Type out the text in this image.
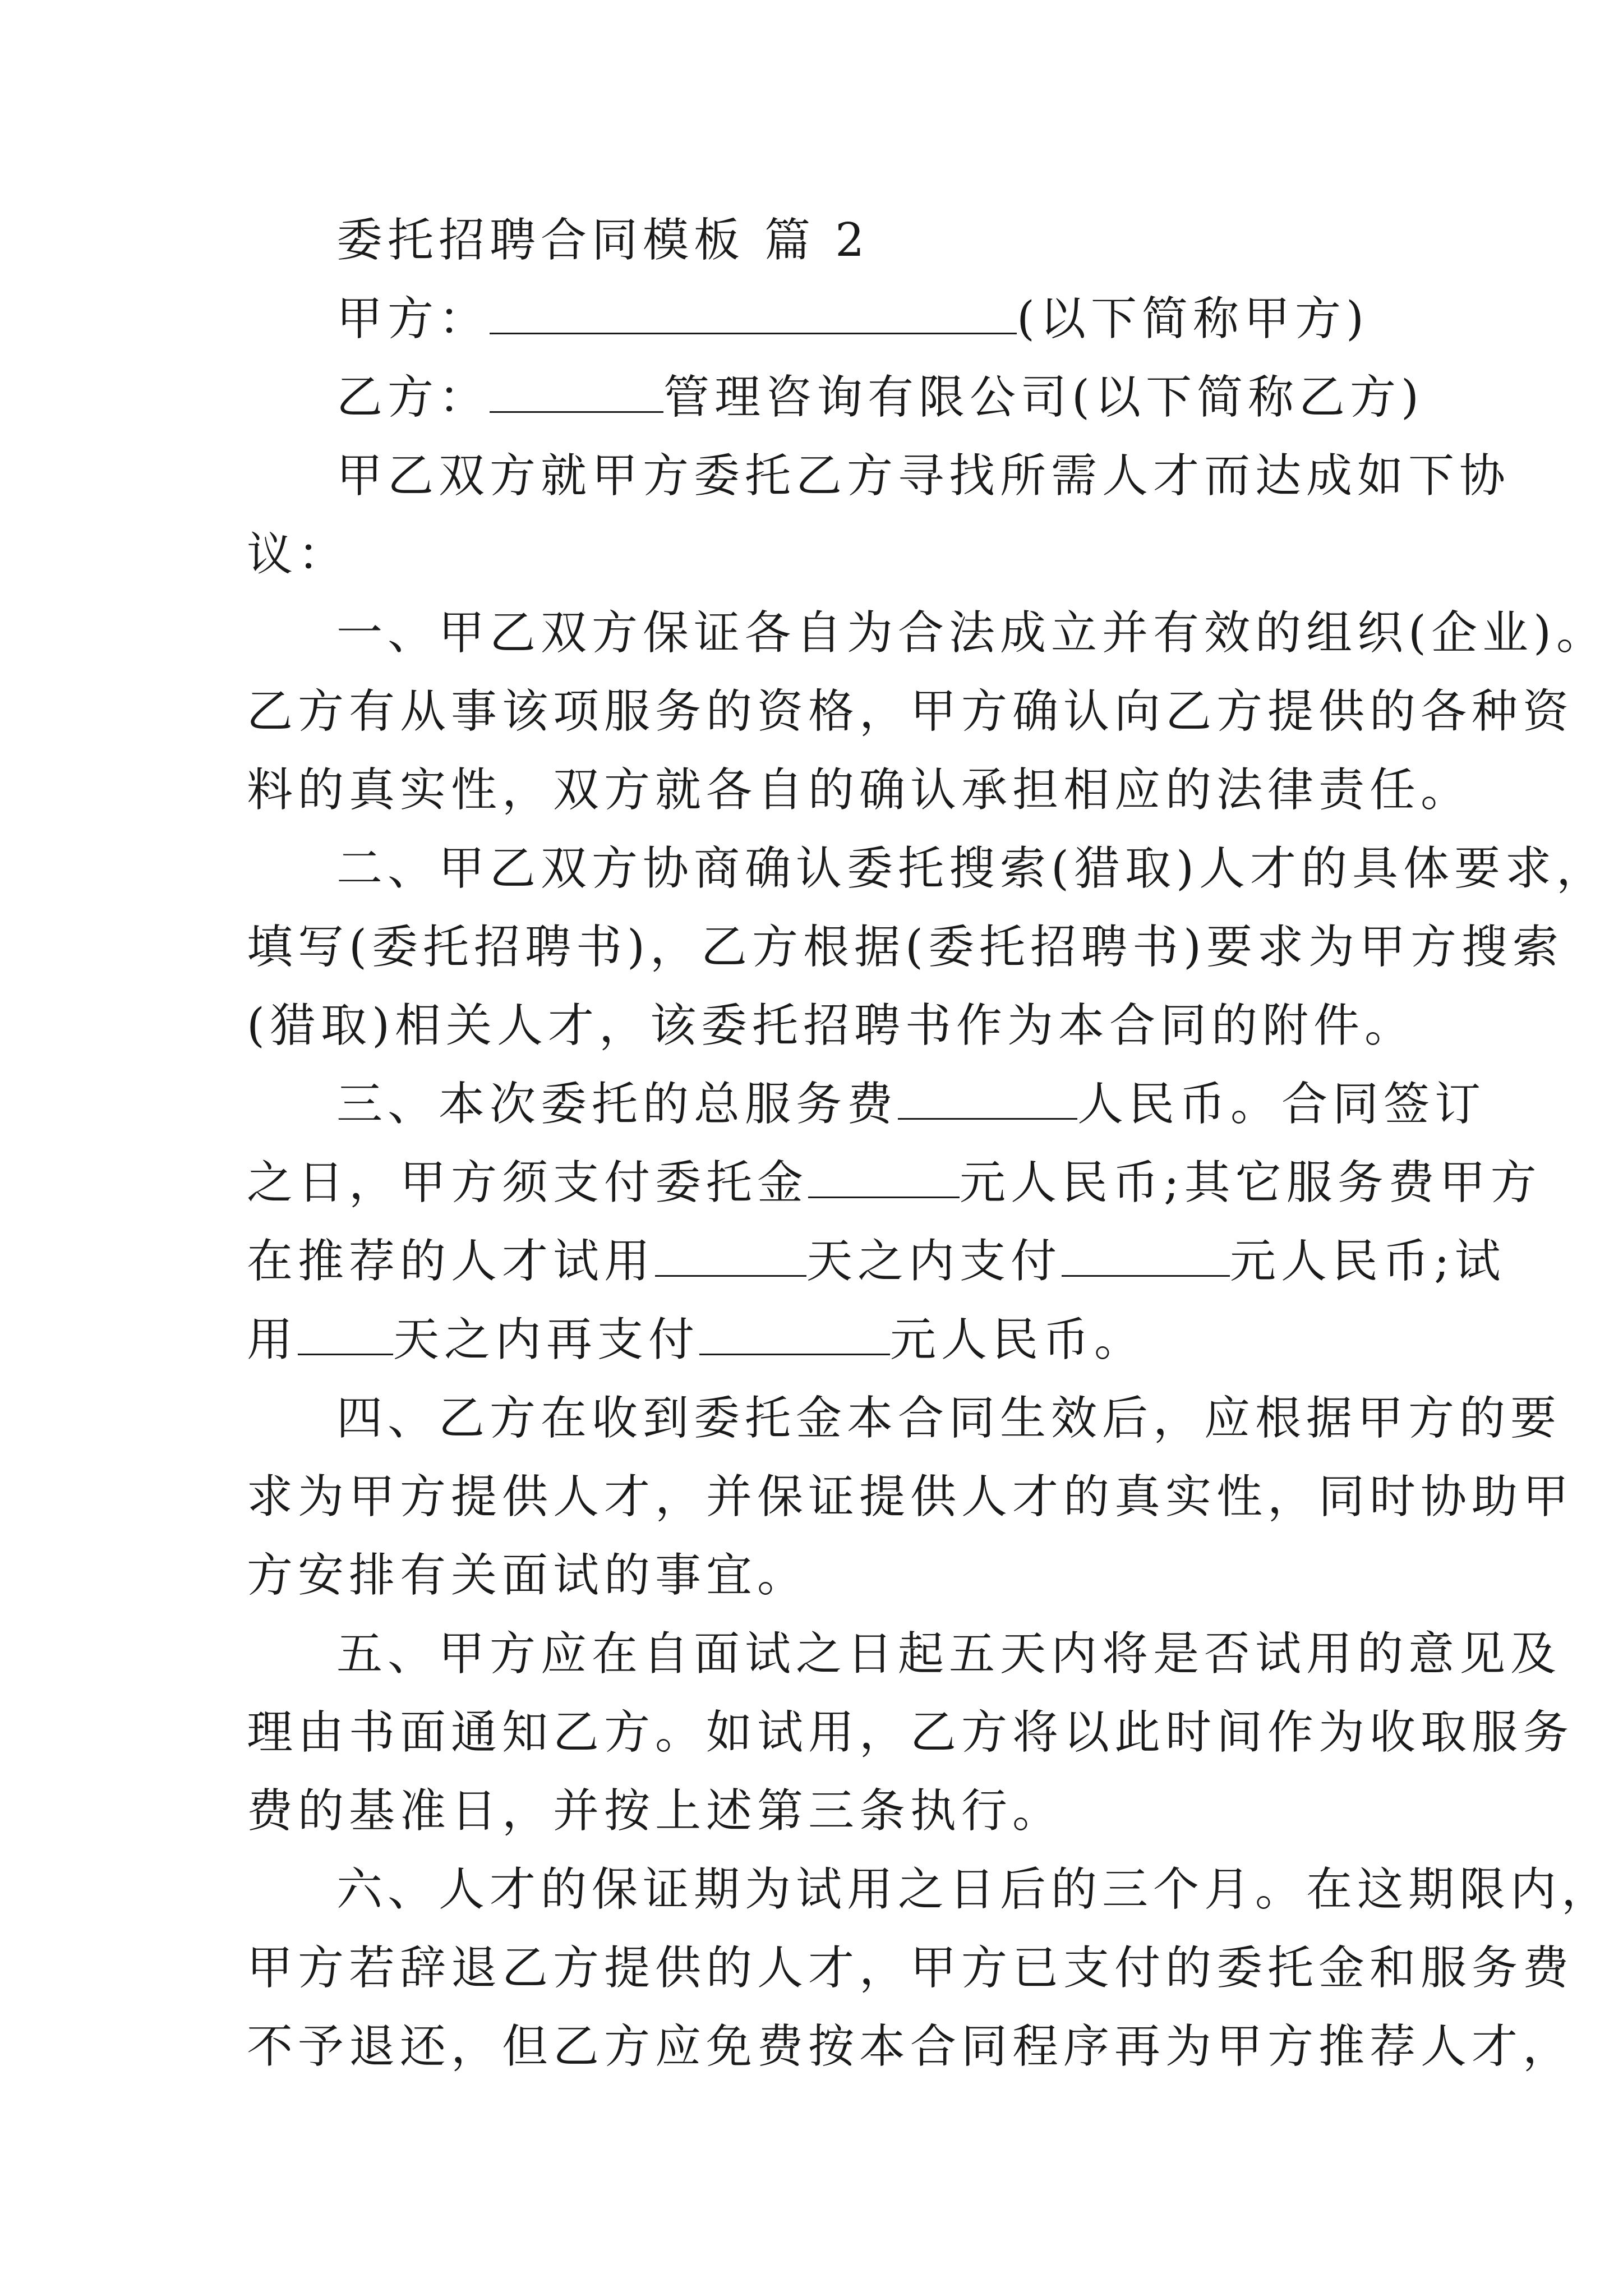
委托招聘合同模板 篇 2
甲方：	(以下简称甲方)
乙方：	管理咨询有限公司(以下简称乙方)
甲乙双方就甲方委托乙方寻找所需人才而达成如下协
议：
一、甲乙双方保证各自为合法成立并有效的组织(企业)。
乙方有从事该项服务的资格，甲方确认向乙方提供的各种资
料的真实性，双方就各自的确认承担相应的法律责任。
二、甲乙双方协商确认委托搜索(猎取)人才的具体要求，
填写(委托招聘书)，乙方根据(委托招聘书)要求为甲方搜索
(猎取)相关人才，该委托招聘书作为本合同的附件。
三、本次委托的总服务费	人民币。合同签订
之日，甲方须支付委托金	元人民币;其它服务费甲方
在推荐的人才试用	天之内支付	元人民币;试
用 天之内再支付	元人民币。
四、乙方在收到委托金本合同生效后，应根据甲方的要
求为甲方提供人才，并保证提供人才的真实性，同时协助甲
方安排有关面试的事宜。
五、甲方应在自面试之日起五天内将是否试用的意见及
理由书面通知乙方。如试用，乙方将以此时间作为收取服务
费的基准日，并按上述第三条执行。
六、人才的保证期为试用之日后的三个月。在这期限内，
甲方若辞退乙方提供的人才，甲方已支付的委托金和服务费
不予退还，但乙方应免费按本合同程序再为甲方推荐人才，
